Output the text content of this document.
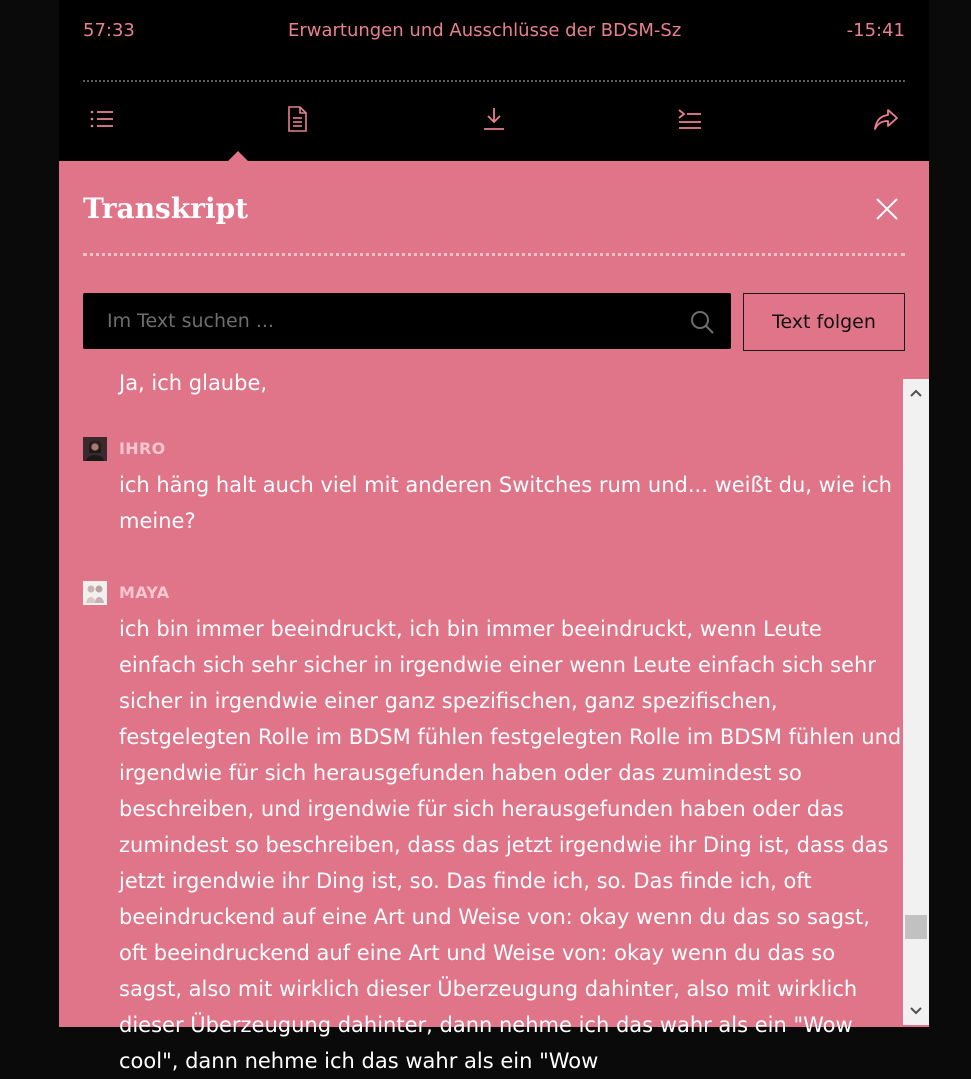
57:33	Erwartungen und Ausschlüsse der BDSM-Sz	-15:41
Transkript
Im Text suchen ...
Text folgen
Ja, ich glaube,
IHRO

ich häng halt auch viel mit anderen Switches rum und... weißt du, wie ich meine?

MAYA

ich bin immer beeindruckt, ich bin immer beeindruckt, wenn Leute einfach sich sehr sicher in irgendwie einer wenn Leute einfach sich sehr sicher in irgendwie einer ganz spezifischen, ganz spezifischen, festgelegten Rolle im BDSM fühlen festgelegten Rolle im BDSM fühlen und irgendwie für sich herausgefunden haben oder das zumindest so beschreiben, und irgendwie für sich herausgefunden haben oder das zumindest so beschreiben, dass das jetzt irgendwie ihr Ding ist, dass das jetzt irgendwie ihr Ding ist, so. Das finde ich, so. Das finde ich, oft beeindruckend auf eine Art und Weise von: okay wenn du das so sagst, oft beeindruckend auf eine Art und Weise von: okay wenn du das so sagst, also mit wirklich dieser Überzeugung dahinter, also mit wirklich dieser Überzeugung dahinter, dann nehme ich das wahr als ein "Wow cool", dann nehme ich das wahr als ein "Wow
